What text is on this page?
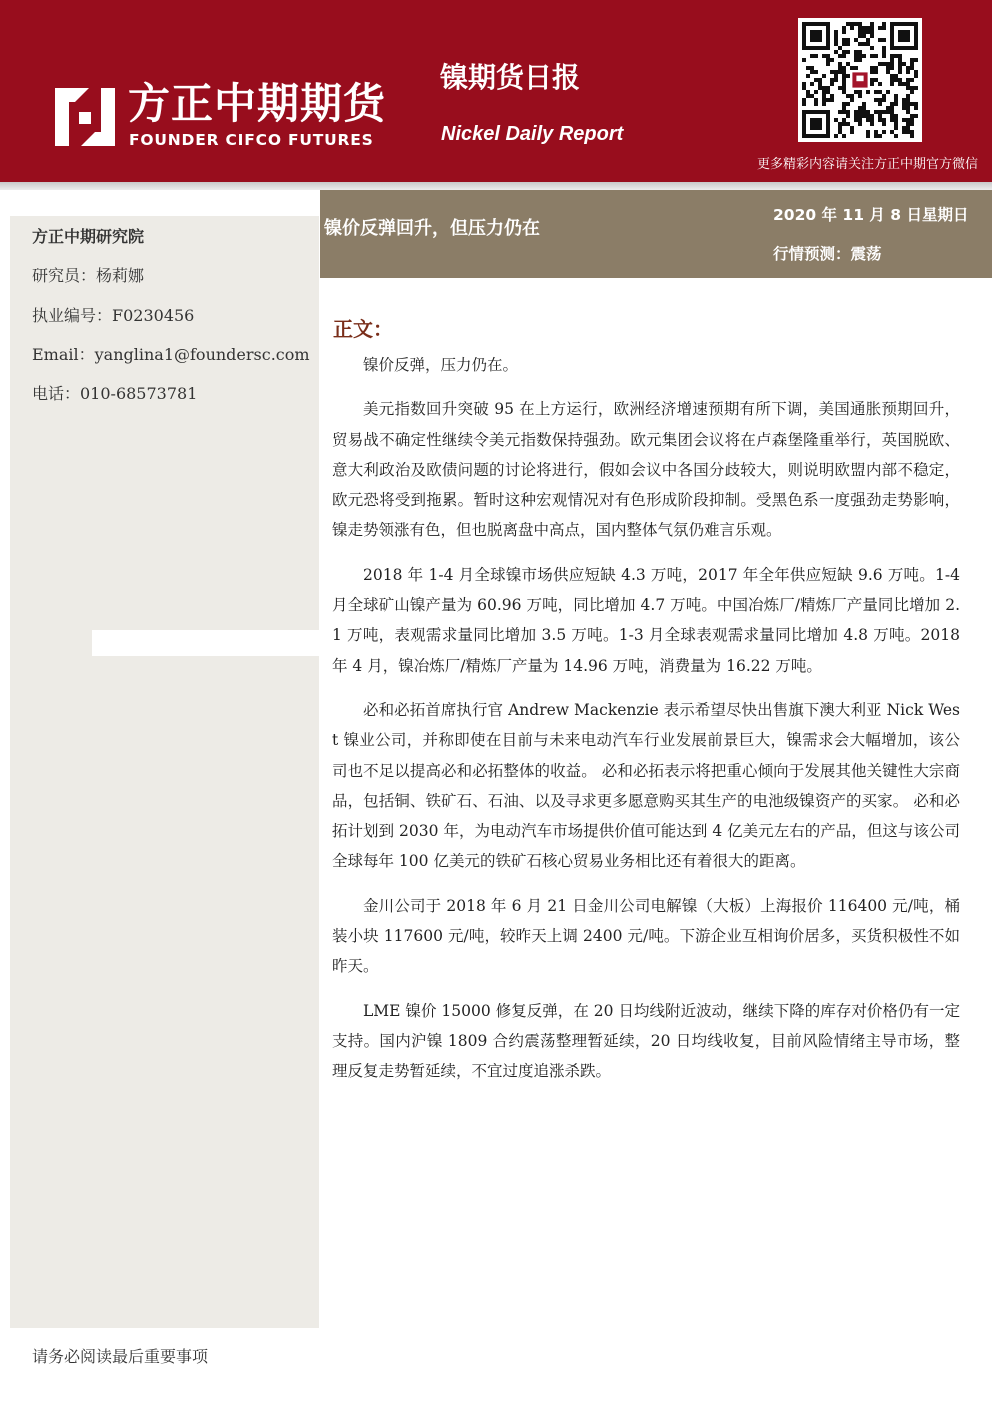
方正中期期货
FOUNDER CIFCO FUTURES
镍期货日报
Nickel Daily Report
更多精彩内容请关注方正中期官方微信
方正中期研究院
研究员：杨莉娜
执业编号：F0230456
Email：yanglina1@foundersc.com
电话：010-68573781
镍价反弹回升，但压力仍在
2020 年 11 月 8 日星期日
行情预测：震荡
正文：

镍价反弹，压力仍在。

美元指数回升突破 95 在上方运行，欧洲经济增速预期有所下调，美国通胀预期回升，贸易战不确定性继续令美元指数保持强劲。欧元集团会议将在卢森堡隆重举行，英国脱欧、意大利政治及欧债问题的讨论将进行，假如会议中各国分歧较大，则说明欧盟内部不稳定，欧元恐将受到拖累。暂时这种宏观情况对有色形成阶段抑制。受黑色系一度强劲走势影响，镍走势领涨有色，但也脱离盘中高点，国内整体气氛仍难言乐观。

2018 年 1-4 月全球镍市场供应短缺 4.3 万吨，2017 年全年供应短缺 9.6 万吨。1-4 月全球矿山镍产量为 60.96 万吨，同比增加 4.7 万吨。中国冶炼厂/精炼厂产量同比增加 2.1 万吨，表观需求量同比增加 3.5 万吨。1-3 月全球表观需求量同比增加 4.8 万吨。2018 年 4 月，镍冶炼厂/精炼厂产量为 14.96 万吨，消费量为 16.22 万吨。

必和必拓首席执行官 Andrew Mackenzie 表示希望尽快出售旗下澳大利亚 Nick West 镍业公司，并称即使在目前与未来电动汽车行业发展前景巨大，镍需求会大幅增加，该公司也不足以提高必和必拓整体的收益。 必和必拓表示将把重心倾向于发展其他关键性大宗商品，包括铜、铁矿石、石油、以及寻求更多愿意购买其生产的电池级镍资产的买家。 必和必拓计划到 2030 年，为电动汽车市场提供价值可能达到 4 亿美元左右的产品，但这与该公司全球每年 100 亿美元的铁矿石核心贸易业务相比还有着很大的距离。

金川公司于 2018 年 6 月 21 日金川公司电解镍（大板）上海报价 116400 元/吨，桶装小块 117600 元/吨，较昨天上调 2400 元/吨。下游企业互相询价居多，买货积极性不如昨天。

LME 镍价 15000 修复反弹，在 20 日均线附近波动，继续下降的库存对价格仍有一定支持。国内沪镍 1809 合约震荡整理暂延续，20 日均线收复，目前风险情绪主导市场，整理反复走势暂延续，不宜过度追涨杀跌。

请务必阅读最后重要事项
